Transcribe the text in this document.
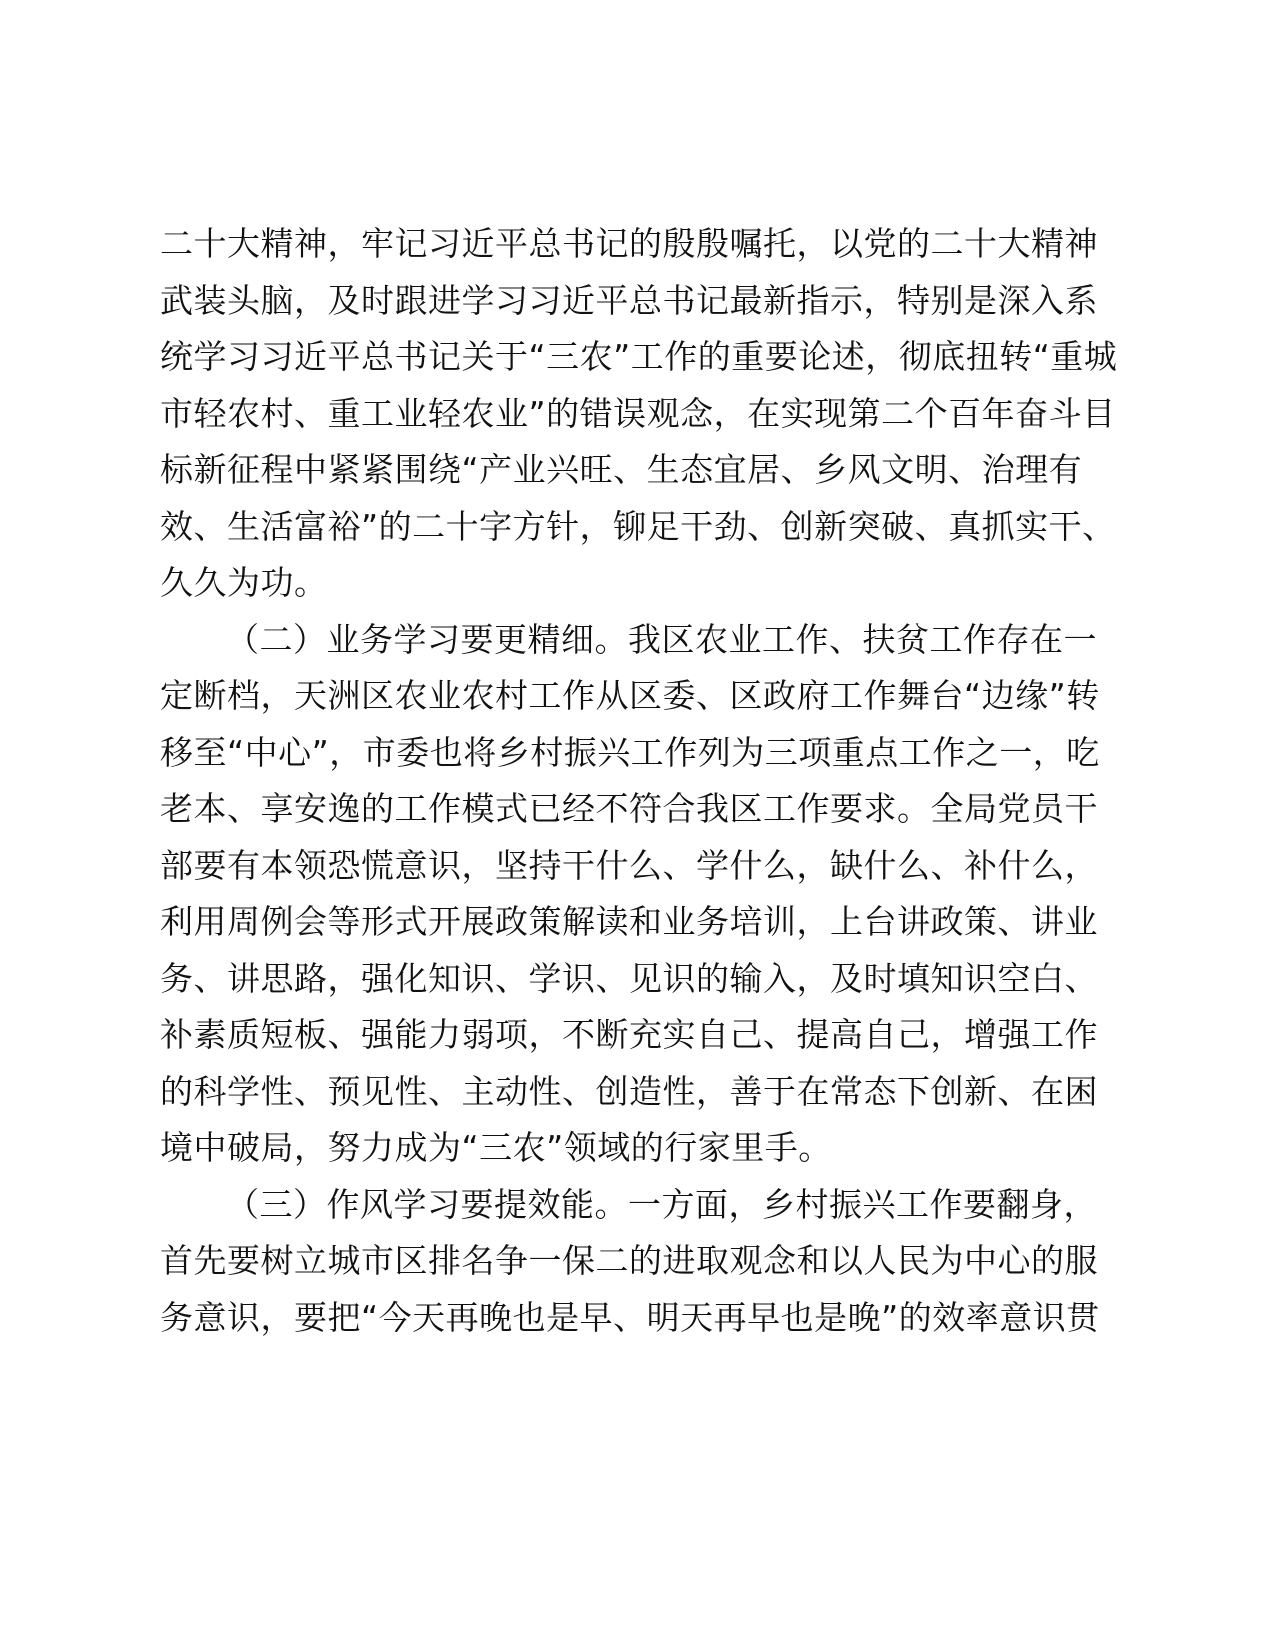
二十大精神，牢记习近平总书记的殷殷嘱托，以党的二十大精神
武装头脑，及时跟进学习习近平总书记最新指示，特别是深入系
统学习习近平总书记关于“三农”工作的重要论述，彻底扭转“重城
市轻农村、重工业轻农业”的错误观念，在实现第二个百年奋斗目
标新征程中紧紧围绕“产业兴旺、生态宜居、乡风文明、治理有
效、生活富裕”的二十字方针，铆足干劲、创新突破、真抓实干、
久久为功。
（二）业务学习要更精细。我区农业工作、扶贫工作存在一
定断档，天洲区农业农村工作从区委、区政府工作舞台“边缘”转
移至“中心”，市委也将乡村振兴工作列为三项重点工作之一，吃
老本、享安逸的工作模式已经不符合我区工作要求。全局党员干
部要有本领恐慌意识，坚持干什么、学什么，缺什么、补什么，
利用周例会等形式开展政策解读和业务培训，上台讲政策、讲业
务、讲思路，强化知识、学识、见识的输入，及时填知识空白、
补素质短板、强能力弱项，不断充实自己、提高自己，增强工作
的科学性、预见性、主动性、创造性，善于在常态下创新、在困
境中破局，努力成为“三农”领域的行家里手。
（三）作风学习要提效能。一方面，乡村振兴工作要翻身，
首先要树立城市区排名争一保二的进取观念和以人民为中心的服
务意识，要把“今天再晚也是早、明天再早也是晚”的效率意识贯
